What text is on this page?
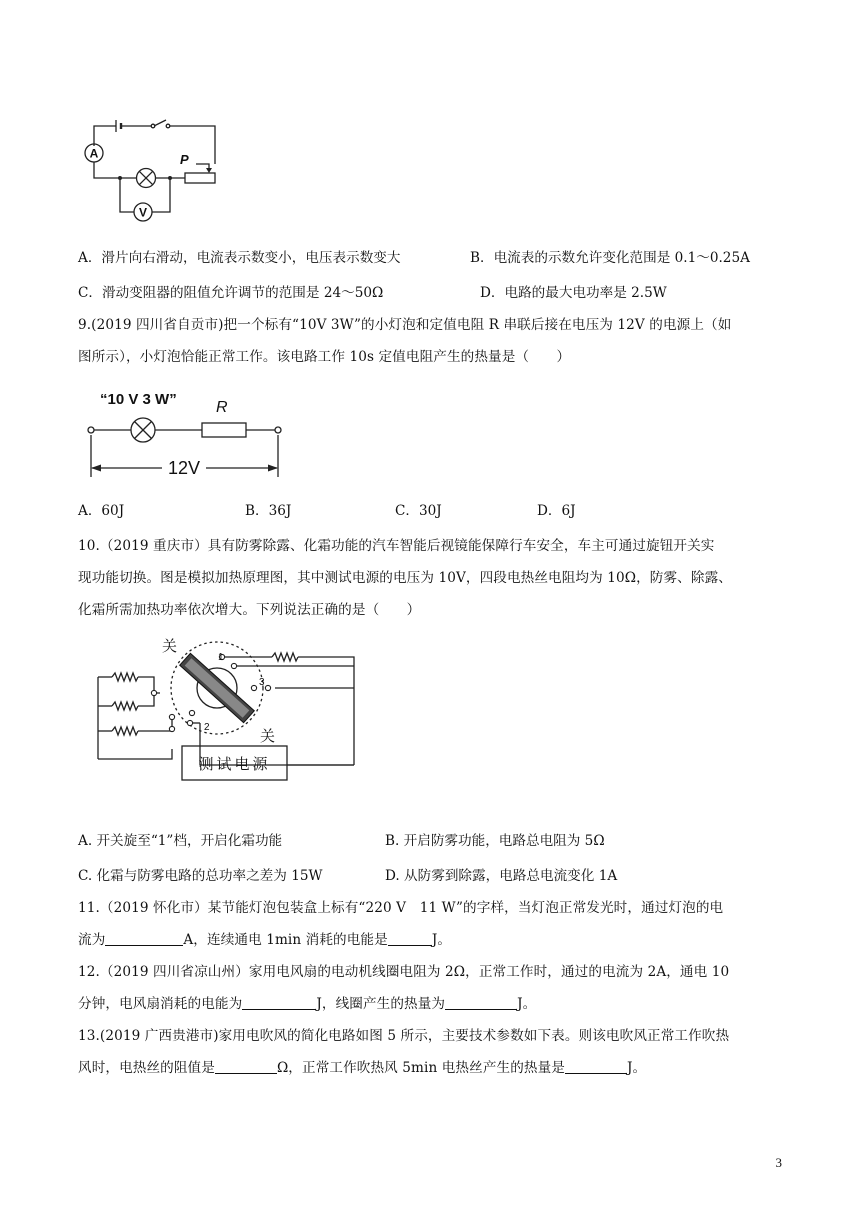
A
V
P
A．滑片向右滑动，电流表示数变小，电压表示数变大	B．电流表的示数允许变化范围是 0.1～0.25A
C．滑动变阻器的阻值允许调节的范围是 24～50Ω	D．电路的最大电功率是 2.5W
9.(2019 四川省自贡市)把一个标有“10V 3W”的小灯泡和定值电阻 R 串联后接在电压为 12V 的电源上（如
图所示），小灯泡恰能正常工作。该电路工作 10s 定值电阻产生的热量是（　　）
“10 V 3 W” R
12V
A．60J	B．36J	C．30J	D．6J
10.（2019 重庆市）具有防雾除露、化霜功能的汽车智能后视镜能保障行车安全，车主可通过旋钮开关实
现功能切换。图是模拟加热原理图，其中测试电源的电压为 10V，四段电热丝电阻均为 10Ω，防雾、除露、
化霜所需加热功率依次增大。下列说法正确的是（　　）
关
关
1
2
3
测试电源
A. 开关旋至“1”档，开启化霜功能	B. 开启防雾功能，电路总电阻为 5Ω
C. 化霜与防雾电路的总功率之差为 15W	D. 从防雾到除露，电路总电流变化 1A
11.（2019 怀化市）某节能灯泡包装盒上标有“220 V　11 W”的字样，当灯泡正常发光时，通过灯泡的电
流为	A，连续通电 1min 消耗的电能是	J。
12.（2019 四川省凉山州）家用电风扇的电动机线圈电阻为 2Ω，正常工作时，通过的电流为 2A，通电 10
分钟，电风扇消耗的电能为	J，线圈产生的热量为	J。
13.(2019 广西贵港市)家用电吹风的简化电路如图 5 所示，主要技术参数如下表。则该电吹风正常工作吹热
风时，电热丝的阻值是	Ω，正常工作吹热风 5min 电热丝产生的热量是	J。
3
